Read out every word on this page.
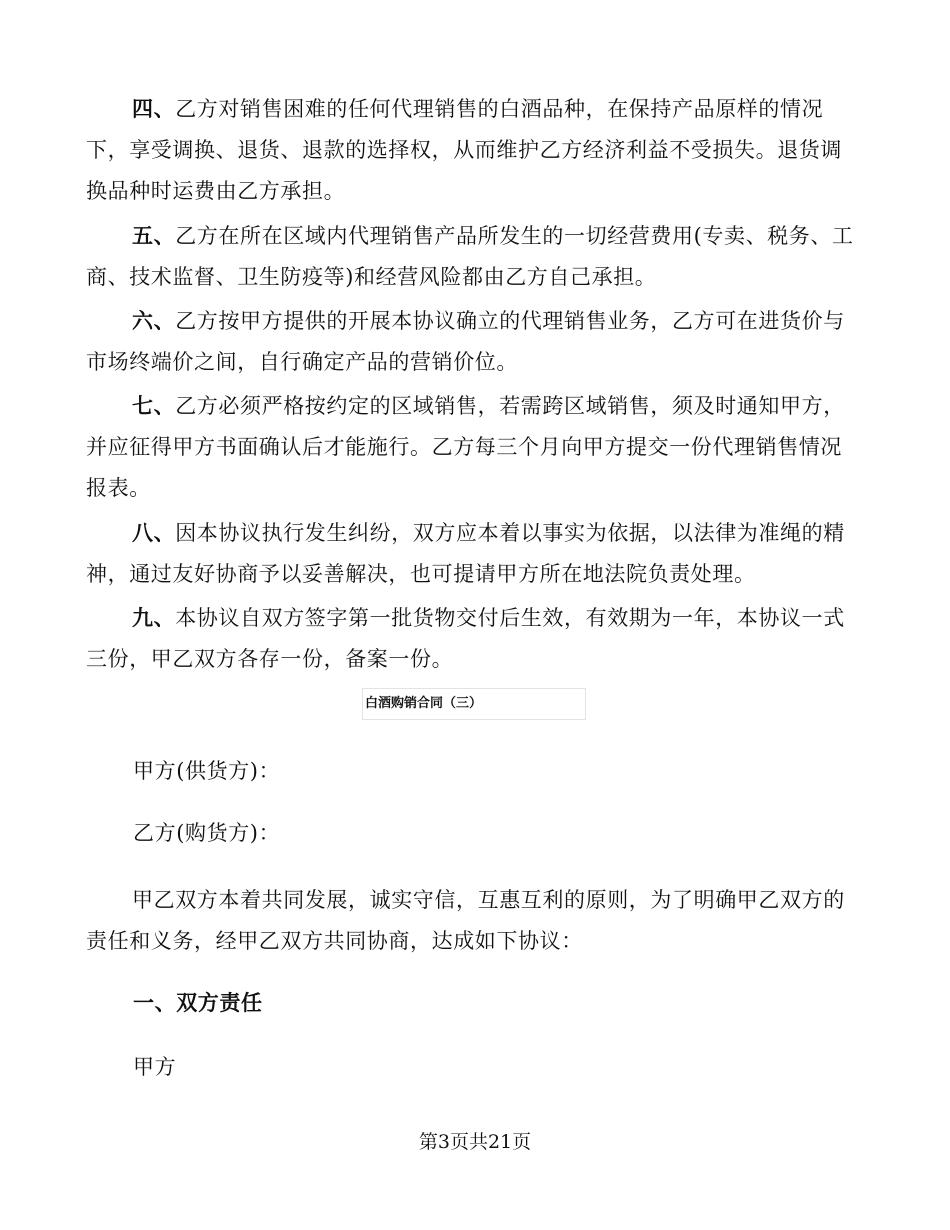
四、乙方对销售困难的任何代理销售的白酒品种，在保持产品原样的情况下，享受调换、退货、退款的选择权，从而维护乙方经济利益不受损失。退货调换品种时运费由乙方承担。

五、乙方在所在区域内代理销售产品所发生的一切经营费用(专卖、税务、工商、技术监督、卫生防疫等)和经营风险都由乙方自己承担。

六、乙方按甲方提供的开展本协议确立的代理销售业务，乙方可在进货价与市场终端价之间，自行确定产品的营销价位。

七、乙方必须严格按约定的区域销售，若需跨区域销售，须及时通知甲方，并应征得甲方书面确认后才能施行。乙方每三个月向甲方提交一份代理销售情况报表。

八、因本协议执行发生纠纷，双方应本着以事实为依据，以法律为准绳的精神，通过友好协商予以妥善解决，也可提请甲方所在地法院负责处理。

九、本协议自双方签字第一批货物交付后生效，有效期为一年，本协议一式三份，甲乙双方各存一份，备案一份。

白酒购销合同（三）

甲方(供货方)：

乙方(购货方)：

甲乙双方本着共同发展，诚实守信，互惠互利的原则，为了明确甲乙双方的责任和义务，经甲乙双方共同协商，达成如下协议：

一、双方责任

甲方

第3页共21页
